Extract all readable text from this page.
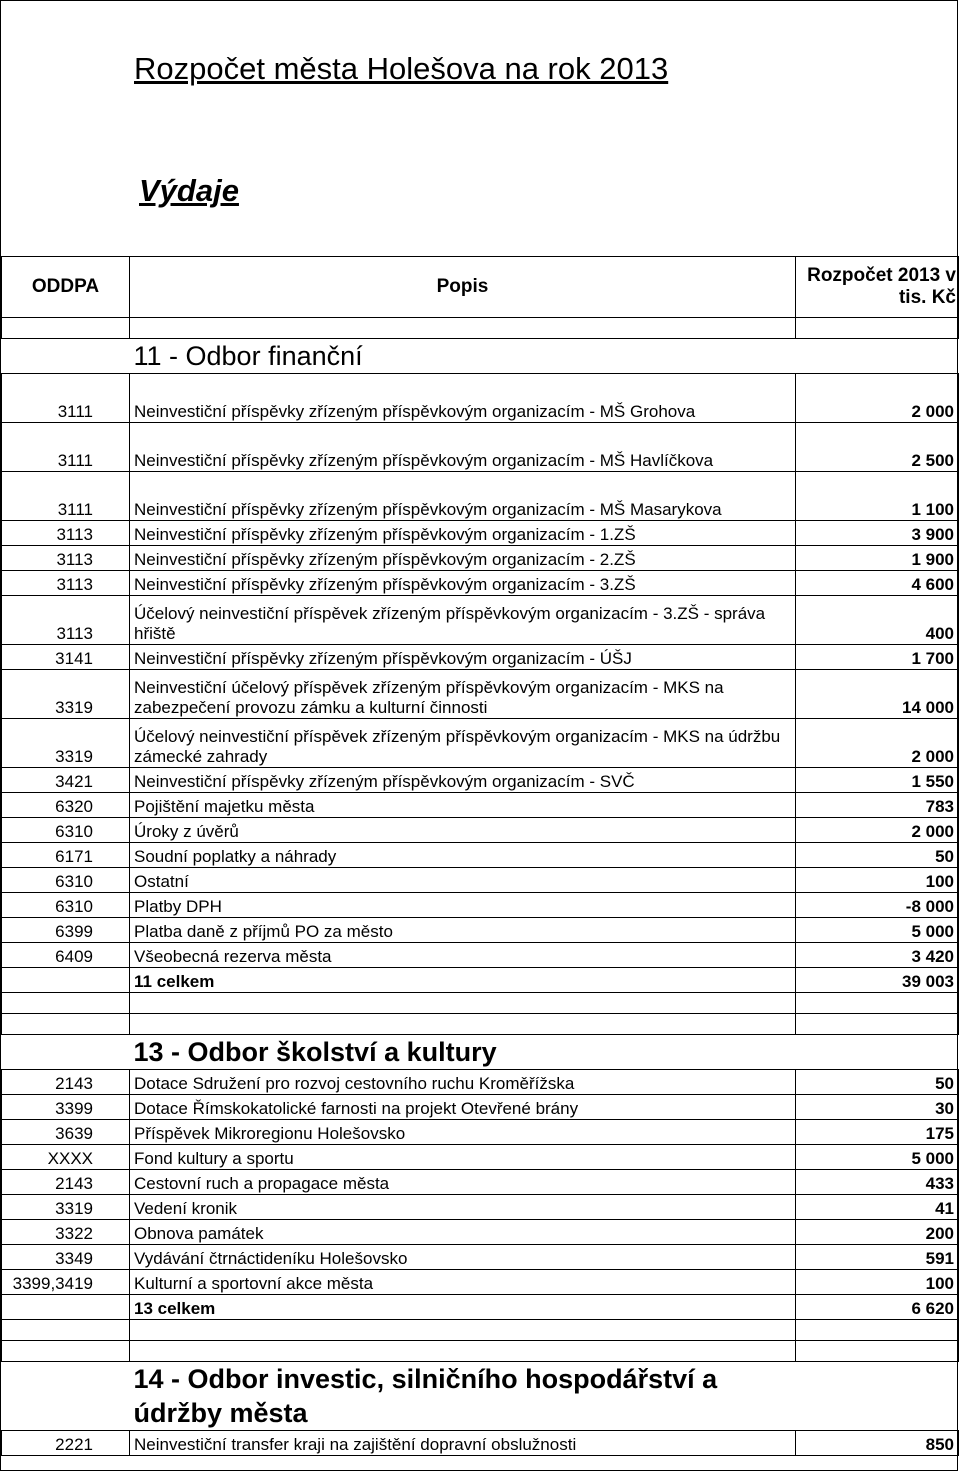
Rozpočet města Holešova na rok 2013
Výdaje
ODDPA	Popis	Rozpočet 2013 v tis. Kč

	11 - Odbor finanční	
3111	Neinvestiční příspěvky zřízeným příspěvkovým organizacím - MŠ Grohova	2 000
3111	Neinvestiční příspěvky zřízeným příspěvkovým organizacím - MŠ Havlíčkova	2 500
3111	Neinvestiční příspěvky zřízeným příspěvkovým organizacím - MŠ Masarykova	1 100
3113	Neinvestiční příspěvky zřízeným příspěvkovým organizacím - 1.ZŠ	3 900
3113	Neinvestiční příspěvky zřízeným příspěvkovým organizacím - 2.ZŠ	1 900
3113	Neinvestiční příspěvky zřízeným příspěvkovým organizacím - 3.ZŠ	4 600
3113	Účelový neinvestiční příspěvek zřízeným příspěvkovým organizacím - 3.ZŠ - správa hřiště	400
3141	Neinvestiční příspěvky zřízeným příspěvkovým organizacím - ÚŠJ	1 700
3319	Neinvestiční účelový příspěvek zřízeným příspěvkovým organizacím - MKS na zabezpečení provozu zámku a kulturní činnosti	14 000
3319	Účelový neinvestiční příspěvek zřízeným příspěvkovým organizacím - MKS na údržbu zámecké zahrady	2 000
3421	Neinvestiční příspěvky zřízeným příspěvkovým organizacím - SVČ	1 550
6320	Pojištění majetku města	783
6310	Úroky z úvěrů	2 000
6171	Soudní poplatky a náhrady	50
6310	Ostatní	100
6310	Platby DPH	-8 000
6399	Platba daně z příjmů PO za město	5 000
6409	Všeobecná rezerva města	3 420
	11 celkem	39 003

	13 - Odbor školství a kultury	
2143	Dotace Sdružení pro rozvoj cestovního ruchu Kroměřížska	50
3399	Dotace Římskokatolické farnosti na projekt Otevřené brány	30
3639	Příspěvek Mikroregionu Holešovsko	175
XXXX	Fond kultury a sportu	5 000
2143	Cestovní ruch a propagace města	433
3319	Vedení kronik	41
3322	Obnova památek	200
3349	Vydávání čtrnáctideníku Holešovsko	591
3399,3419	Kulturní a sportovní akce města	100
	13 celkem	6 620

	14 - Odbor investic, silničního hospodářství a údržby města	
2221	Neinvestiční transfer kraji na zajištění dopravní obslužnosti	850
